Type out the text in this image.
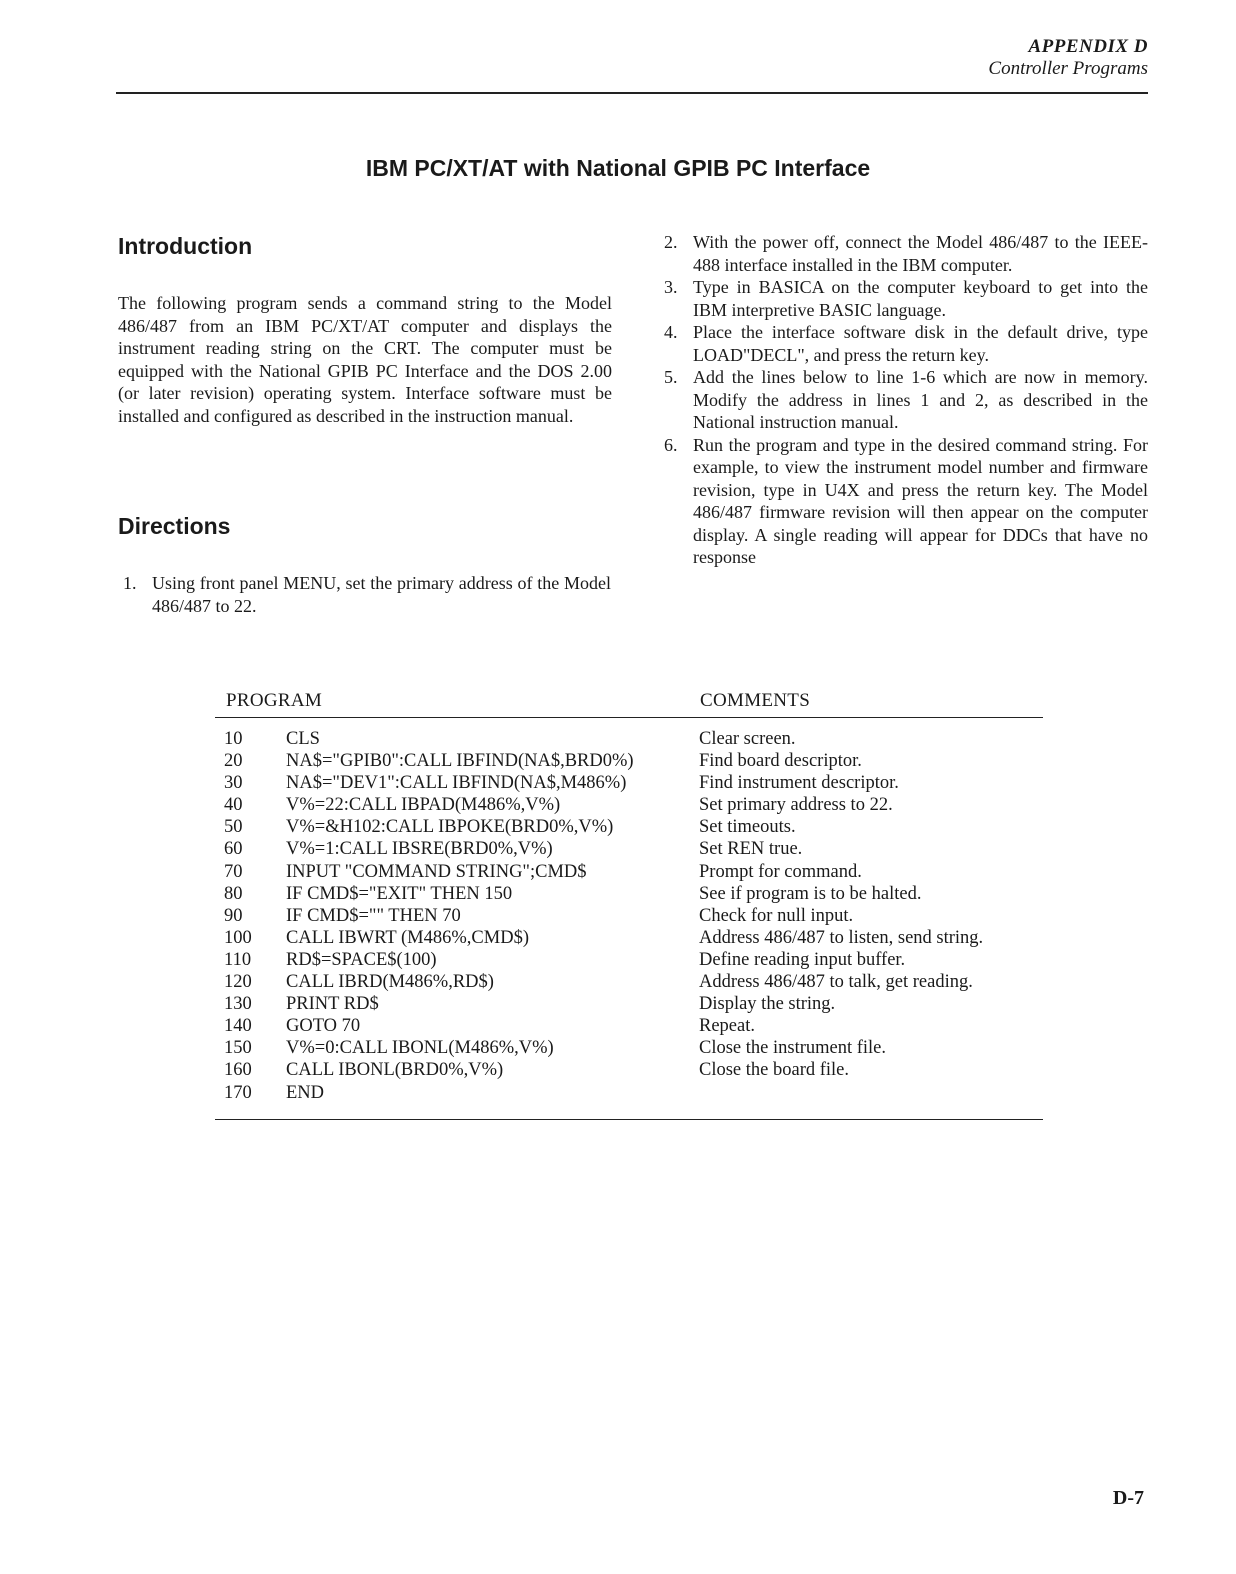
APPENDIX D
Controller Programs
IBM PC/XT/AT with National GPIB PC Interface
Introduction
The following program sends a command string to the Model 486/487 from an IBM PC/XT/AT computer and displays the instrument reading string on the CRT. The computer must be equipped with the National GPIB PC Interface and the DOS 2.00 (or later revision) operating system. Interface software must be installed and configured as described in the instruction manual.
Directions
1. Using front panel MENU, set the primary address of the Model 486/487 to 22.
2. With the power off, connect the Model 486/487 to the IEEE-488 interface installed in the IBM computer.
3. Type in BASICA on the computer keyboard to get into the IBM interpretive BASIC language.
4. Place the interface software disk in the default drive, type LOAD"DECL", and press the return key.
5. Add the lines below to line 1-6 which are now in memory. Modify the address in lines 1 and 2, as described in the National instruction manual.
6. Run the program and type in the desired command string. For example, to view the instrument model number and firmware revision, type in U4X and press the return key. The Model 486/487 firmware revision will then appear on the computer display. A single reading will appear for DDCs that have no response
PROGRAM	COMMENTS
10 CLS	Clear screen.
20 NA$="GPIB0":CALL IBFIND(NA$,BRD0%)	Find board descriptor.
30 NA$="DEV1":CALL IBFIND(NA$,M486%)	Find instrument descriptor.
40 V%=22:CALL IBPAD(M486%,V%)	Set primary address to 22.
50 V%=&H102:CALL IBPOKE(BRD0%,V%)	Set timeouts.
60 V%=1:CALL IBSRE(BRD0%,V%)	Set REN true.
70 INPUT "COMMAND STRING";CMD$	Prompt for command.
80 IF CMD$="EXIT" THEN 150	See if program is to be halted.
90 IF CMD$="" THEN 70	Check for null input.
100 CALL IBWRT (M486%,CMD$)	Address 486/487 to listen, send string.
110 RD$=SPACE$(100)	Define reading input buffer.
120 CALL IBRD(M486%,RD$)	Address 486/487 to talk, get reading.
130 PRINT RD$	Display the string.
140 GOTO 70	Repeat.
150 V%=0:CALL IBONL(M486%,V%)	Close the instrument file.
160 CALL IBONL(BRD0%,V%)	Close the board file.
170 END
D-7
